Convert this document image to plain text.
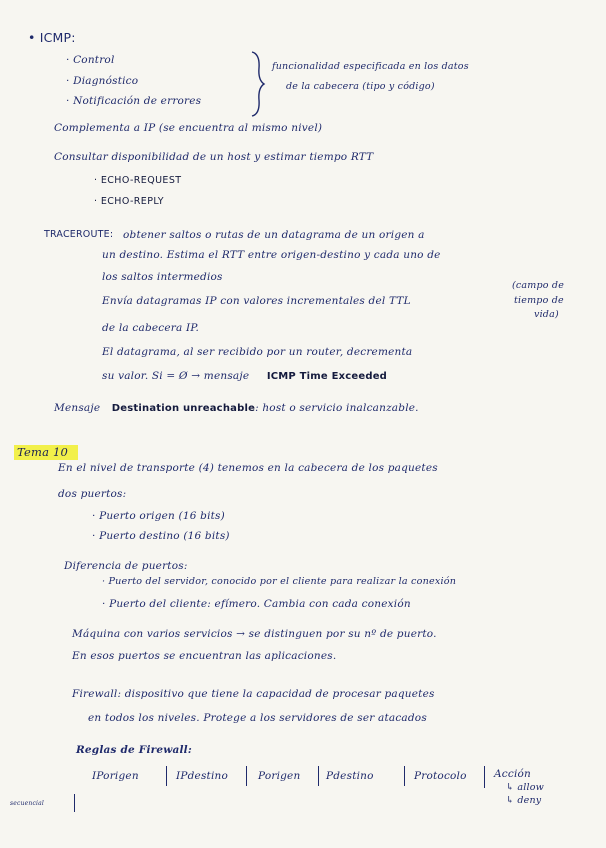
• ICMP:
· Control
· Diagnóstico
· Notificación de errores
funcionalidad especificada en los datos
de la cabecera (tipo y código)
Complementa a IP (se encuentra al mismo nivel)
Consultar disponibilidad de un host y estimar tiempo RTT
· ECHO-REQUEST
· ECHO-REPLY
TRACEROUTE: obtener saltos o rutas de un datagrama de un origen a
un destino. Estima el RTT entre origen-destino y cada uno de
los saltos intermedios
Envía datagramas IP con valores incrementales del TTL
(campo de
tiempo de
vida)
de la cabecera IP.
El datagrama, al ser recibido por un router, decrementa
su valor. Si = Ø → mensaje ICMP Time Exceeded
Mensaje Destination unreachable: host o servicio inalcanzable.
Tema 10
En el nivel de transporte (4) tenemos en la cabecera de los paquetes
dos puertos:
· Puerto origen (16 bits)
· Puerto destino (16 bits)
Diferencia de puertos:
· Puerto del servidor, conocido por el cliente para realizar la conexión
· Puerto del cliente: efímero. Cambia con cada conexión
Máquina con varios servicios → se distinguen por su nº de puerto.
En esos puertos se encuentran las aplicaciones.
Firewall: dispositivo que tiene la capacidad de procesar paquetes
en todos los niveles. Protege a los servidores de ser atacados
Reglas de Firewall:
IPorigen	IPdestino	Porigen Pdestino	Protocolo	Acción
↳ allow
↳ deny
secuencial
